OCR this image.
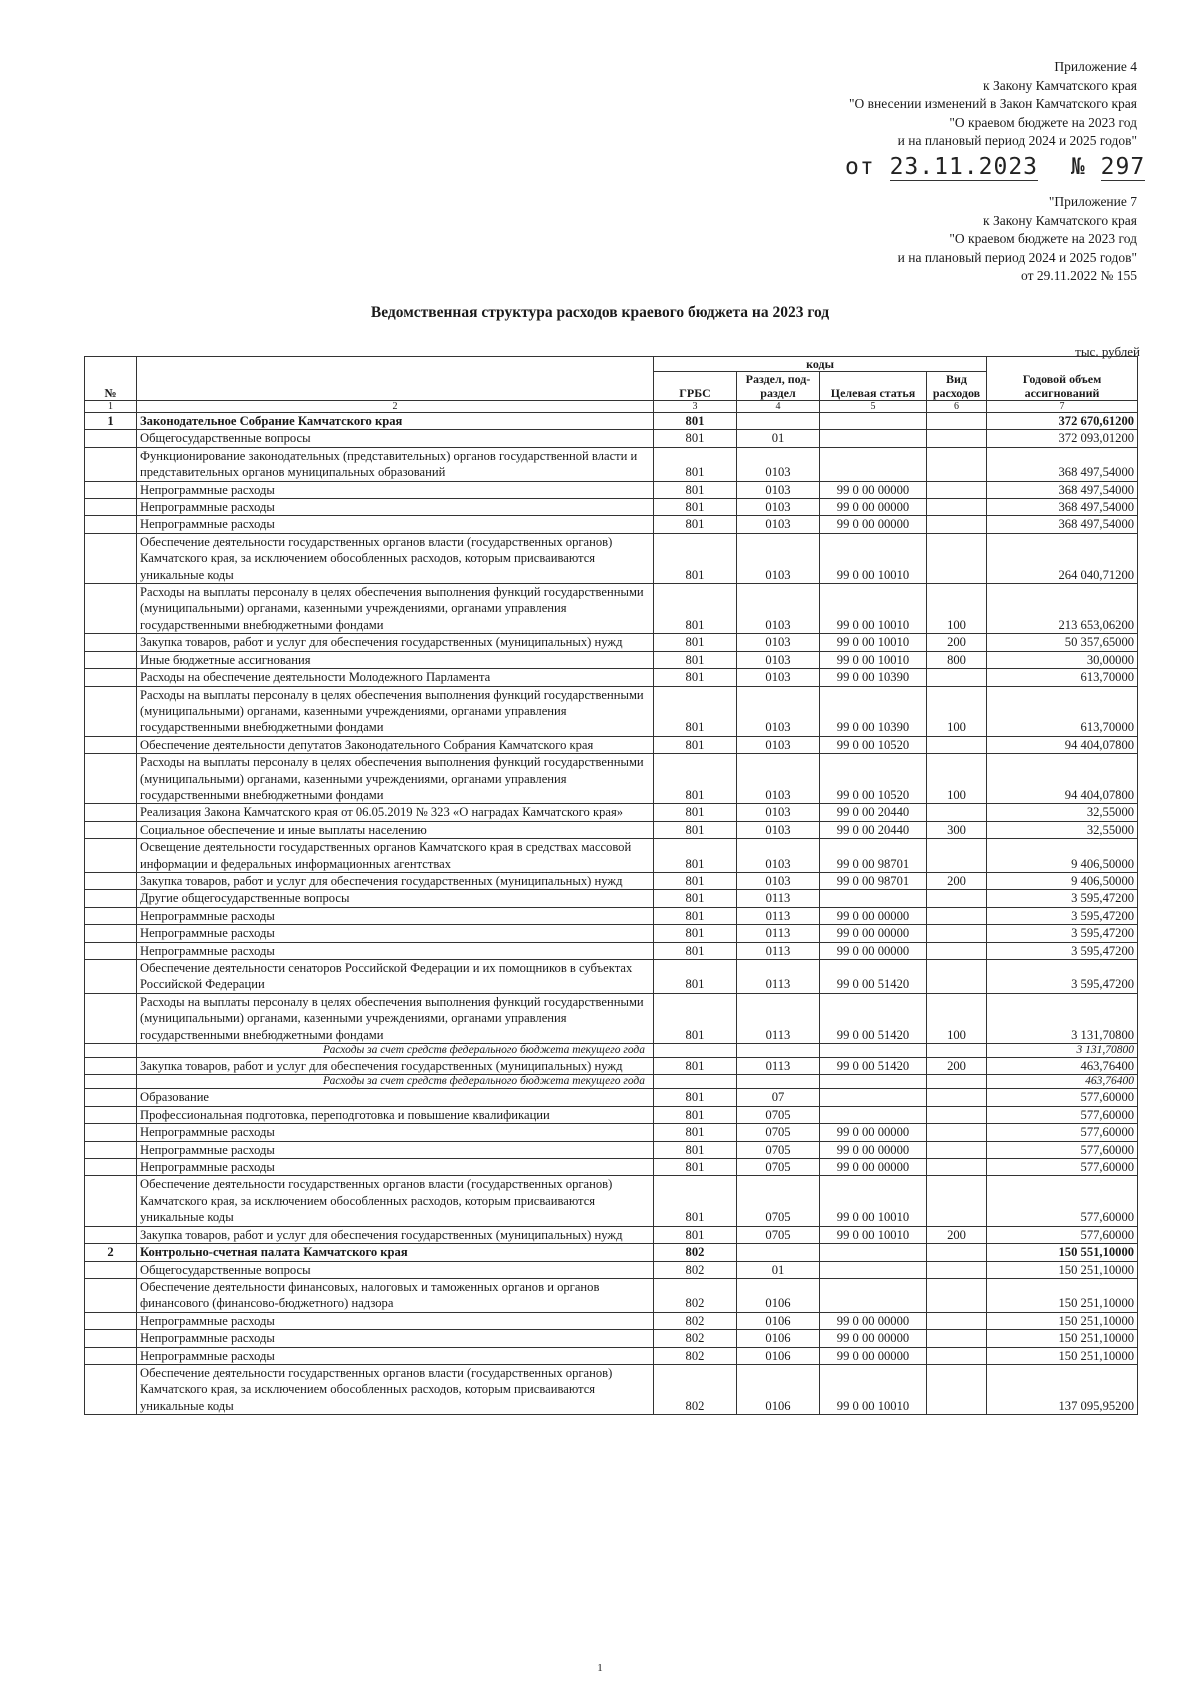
Приложение 4
к Закону Камчатского края
"О внесении изменений в Закон Камчатского края
"О краевом бюджете на 2023 год
и на плановый период 2024 и 2025 годов"
от 23.11.2023 № 297
"Приложение 7
к Закону Камчатского края
"О краевом бюджете на 2023 год
и на плановый период 2024 и 2025 годов"
от 29.11.2022 № 155
Ведомственная структура расходов краевого бюджета на 2023 год
тыс. рублей
№		коды				Годовой объем ассигнований
		ГРБС	Раздел, под-раздел	Целевая статья	Вид расходов	
1	2	3	4	5	6	7
1	Законодательное Собрание Камчатского края	801				372 670,61200
	Общегосударственные вопросы	801	01			372 093,01200
	Функционирование законодательных (представительных) органов государственной власти и представительных органов муниципальных образований	801	0103			368 497,54000
	Непрограммные расходы	801	0103	99 0 00 00000		368 497,54000
	Непрограммные расходы	801	0103	99 0 00 00000		368 497,54000
	Непрограммные расходы	801	0103	99 0 00 00000		368 497,54000
	Обеспечение деятельности государственных органов власти (государственных органов) Камчатского края, за исключением обособленных расходов, которым присваиваются уникальные коды	801	0103	99 0 00 10010		264 040,71200
	Расходы на выплаты персоналу в целях обеспечения выполнения функций государственными (муниципальными) органами, казенными учреждениями, органами управления государственными внебюджетными фондами	801	0103	99 0 00 10010	100	213 653,06200
	Закупка товаров, работ и услуг для обеспечения государственных (муниципальных) нужд	801	0103	99 0 00 10010	200	50 357,65000
	Иные бюджетные ассигнования	801	0103	99 0 00 10010	800	30,00000
	Расходы на обеспечение деятельности Молодежного Парламента	801	0103	99 0 00 10390		613,70000
	Расходы на выплаты персоналу в целях обеспечения выполнения функций государственными (муниципальными) органами, казенными учреждениями, органами управления государственными внебюджетными фондами	801	0103	99 0 00 10390	100	613,70000
	Обеспечение деятельности депутатов Законодательного Собрания Камчатского края	801	0103	99 0 00 10520		94 404,07800
	Расходы на выплаты персоналу в целях обеспечения выполнения функций государственными (муниципальными) органами, казенными учреждениями, органами управления государственными внебюджетными фондами	801	0103	99 0 00 10520	100	94 404,07800
	Реализация Закона Камчатского края от 06.05.2019 № 323 «О наградах Камчатского края»	801	0103	99 0 00 20440		32,55000
	Социальное обеспечение и иные выплаты населению	801	0103	99 0 00 20440	300	32,55000
	Освещение деятельности государственных органов Камчатского края в средствах массовой информации и федеральных информационных агентствах	801	0103	99 0 00 98701		9 406,50000
	Закупка товаров, работ и услуг для обеспечения государственных (муниципальных) нужд	801	0103	99 0 00 98701	200	9 406,50000
	Другие общегосударственные вопросы	801	0113			3 595,47200
	Непрограммные расходы	801	0113	99 0 00 00000		3 595,47200
	Непрограммные расходы	801	0113	99 0 00 00000		3 595,47200
	Непрограммные расходы	801	0113	99 0 00 00000		3 595,47200
	Обеспечение деятельности сенаторов Российской Федерации и их помощников в субъектах Российской Федерации	801	0113	99 0 00 51420		3 595,47200
	Расходы на выплаты персоналу в целях обеспечения выполнения функций государственными (муниципальными) органами, казенными учреждениями, органами управления государственными внебюджетными фондами	801	0113	99 0 00 51420	100	3 131,70800
	Расходы за счет средств федерального бюджета текущего года					3 131,70800
	Закупка товаров, работ и услуг для обеспечения государственных (муниципальных) нужд	801	0113	99 0 00 51420	200	463,76400
	Расходы за счет средств федерального бюджета текущего года					463,76400
	Образование	801	07			577,60000
	Профессиональная подготовка, переподготовка и повышение квалификации	801	0705			577,60000
	Непрограммные расходы	801	0705	99 0 00 00000		577,60000
	Непрограммные расходы	801	0705	99 0 00 00000		577,60000
	Непрограммные расходы	801	0705	99 0 00 00000		577,60000
	Обеспечение деятельности государственных органов власти (государственных органов) Камчатского края, за исключением обособленных расходов, которым присваиваются уникальные коды	801	0705	99 0 00 10010		577,60000
	Закупка товаров, работ и услуг для обеспечения государственных (муниципальных) нужд	801	0705	99 0 00 10010	200	577,60000
2	Контрольно-счетная палата Камчатского края	802				150 551,10000
	Общегосударственные вопросы	802	01			150 251,10000
	Обеспечение деятельности финансовых, налоговых и таможенных органов и органов финансового (финансово-бюджетного) надзора	802	0106			150 251,10000
	Непрограммные расходы	802	0106	99 0 00 00000		150 251,10000
	Непрограммные расходы	802	0106	99 0 00 00000		150 251,10000
	Непрограммные расходы	802	0106	99 0 00 00000		150 251,10000
	Обеспечение деятельности государственных органов власти (государственных органов) Камчатского края, за исключением обособленных расходов, которым присваиваются уникальные коды	802	0106	99 0 00 10010		137 095,95200
1
